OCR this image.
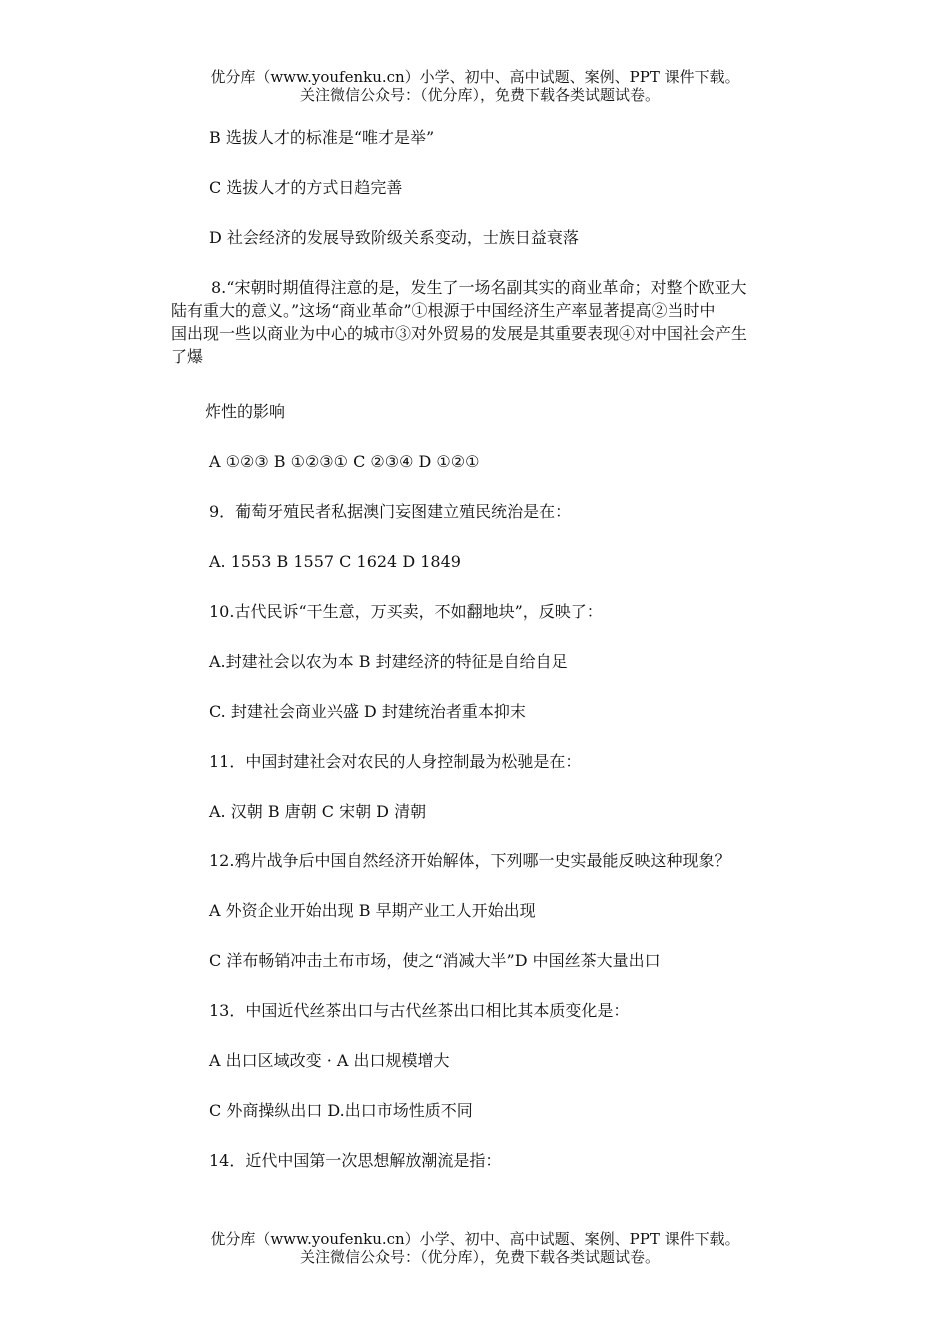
优分库（www.youfenku.cn）小学、初中、高中试题、案例、PPT 课件下载。
关注微信公众号：（优分库），免费下载各类试题试卷。
B 选拔人才的标准是“唯才是举”
C 选拔人才的方式日趋完善
D 社会经济的发展导致阶级关系变动，士族日益衰落
8.“宋朝时期值得注意的是，发生了一场名副其实的商业革命；对整个欧亚大
陆有重大的意义。”这场“商业革命”①根源于中国经济生产率显著提高②当时中
国出现一些以商业为中心的城市③对外贸易的发展是其重要表现④对中国社会产生
了爆
炸性的影响
A ①②③ B ①②③① C ②③④ D ①②①
9．葡萄牙殖民者私据澳门妄图建立殖民统治是在：
A. 1553 B 1557 C 1624 D 1849
10.古代民诉“干生意，万买卖，不如翻地块”，反映了：
A.封建社会以农为本 B 封建经济的特征是自给自足
C. 封建社会商业兴盛 D 封建统治者重本抑末
11．中国封建社会对农民的人身控制最为松驰是在：
A. 汉朝 B 唐朝 C 宋朝 D 清朝
12.鸦片战争后中国自然经济开始解体，下列哪一史实最能反映这种现象？
A 外资企业开始出现 B 早期产业工人开始出现
C 洋布畅销冲击土布市场，使之“消减大半”D 中国丝茶大量出口
13．中国近代丝茶出口与古代丝茶出口相比其本质变化是：
A 出口区域改变 · A 出口规模增大
C 外商操纵出口 D.出口市场性质不同
14．近代中国第一次思想解放潮流是指：
优分库（www.youfenku.cn）小学、初中、高中试题、案例、PPT 课件下载。
关注微信公众号：（优分库），免费下载各类试题试卷。
